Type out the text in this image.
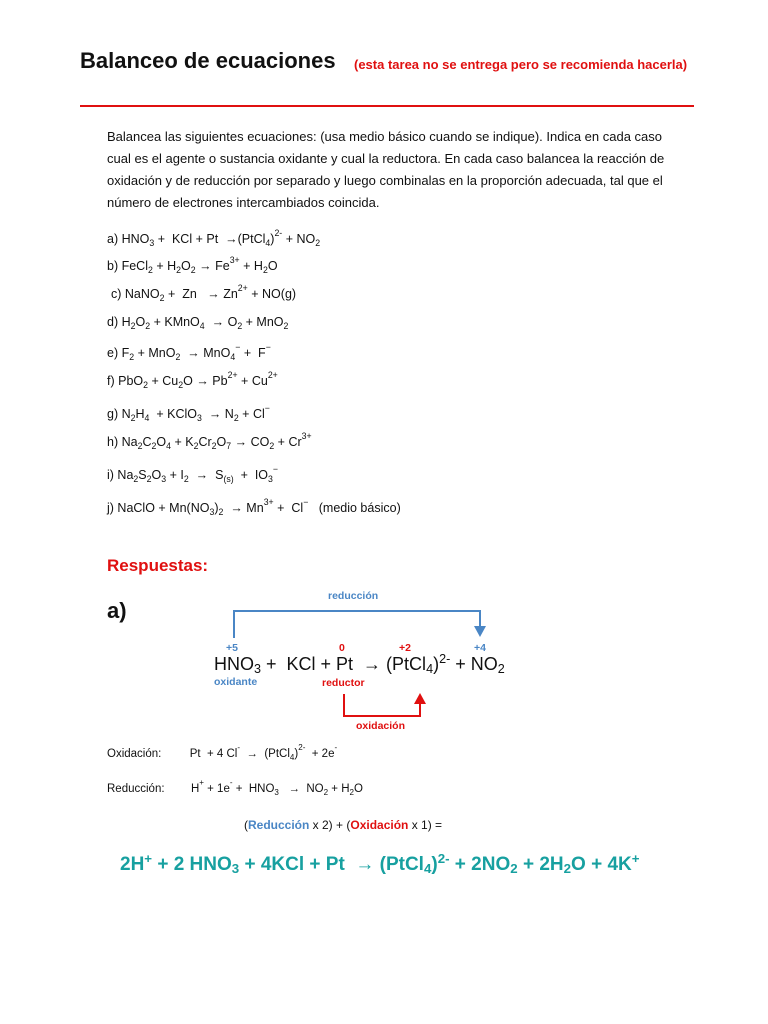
Balanceo de ecuaciones (esta tarea no se entrega pero se recomienda hacerla)
Balancea las siguientes ecuaciones: (usa medio básico cuando se indique). Indica en cada caso cual es el agente o sustancia oxidante y cual la reductora. En cada caso balancea la reacción de oxidación y de reducción por separado y luego combinalas en la proporción adecuada, tal que el número de electrones intercambiados coincida.
a) $HNO_3$ +  KCl + Pt  →(PtCl$_4$)$^{2-}$ + $NO_2$
b) FeCl$_2$ + $H_2O_2 \to Fe^{3+} + H_2O$
c) NaNO$_2$ +  $Zn \to Zn^{2+} + NO(g)$
d) $H_2O_2$ + KMnO$_4$  → $O_2 + MnO_2$
e) $F_2 + MnO_2 \to MnO_4^- + F^-$
f) $PbO_2 + Cu_2O \to Pb^{2+} + Cu^{2+}$
g) $N_2H_4$  + KClO$_3$  → $N_2 + Cl^-$
h) $Na_2C_2O_4 + K_2Cr_2O_7 \to CO_2 + Cr^{3+}$
i) $Na_2S_2O_3 + I_2 \to S_{(s)} + IO_3^-$
j) NaClO + $Mn(NO_3)_2 \to Mn^{3+} + Cl^-$ (medio básico)
Respuestas:
a)
reducción
+5	0	+2	+4
$HNO_3$ +  KCl + Pt  → (PtCl$_4$)$^{2-}$ + $NO_2$
oxidante	reductor
oxidación
Oxidación:  Pt  + 4 Cl-  →  (PtCl$_4$)$^{2-}$  + 2e-
Reducción:  $H^+ + 1e^- + HNO_3 \to NO_2 + H_2O$
(Reducción x 2) + (Oxidación x 1) =
2H+ + 2 $HNO_3 + 4KCl + Pt$  → (PtCl$_4$)$^{2-}$ + $2NO_2 + 2H_2O + 4K^+$
